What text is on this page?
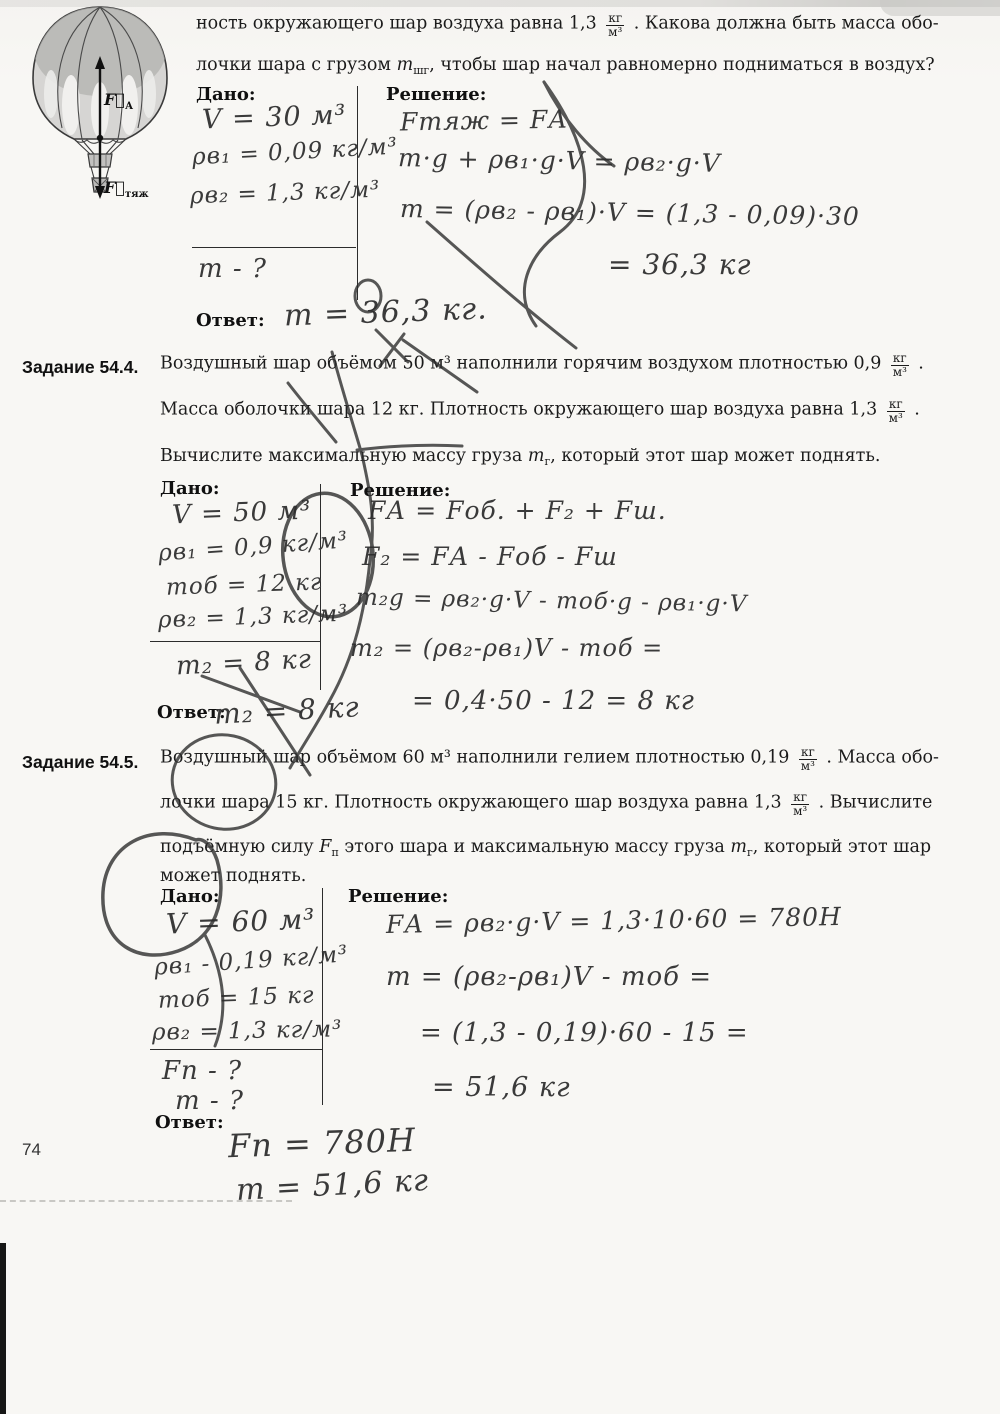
$F⃗_А$
$F⃗_{тяж}$
ность окружающего шар воздуха равна $1,3 \frac{кг}{\text{м³}}$ . Какова должна быть масса обо-
лочки шара с грузом $m_{шг}$, чтобы шар начал равномерно подниматься в воздух?
Дано:	Решение:
V = 30 м³
ρв₁ = 0,09 кг/м³
ρв₂ = 1,3 кг/м³
m - ?
Fтяж = FА
m·g + ρв₁·g·V = ρв₂·g·V
m = (ρв₂ - ρв₁)·V = (1,3 - 0,09)·30
= 36,3 кг
Ответ: m = 36,3 кг.
Задание 54.4. Воздушный шар объёмом 50 м³ наполнили горячим воздухом плотностью $0,9 \frac{кг}{\text{м³}}$ .
Масса оболочки шара 12 кг. Плотность окружающего шар воздуха равна $1,3 \frac{кг}{\text{м³}}$ .
Вычислите максимальную массу груза $m_г$, который этот шар может поднять.
Дано:	Решение:
V = 50 м³
ρв₁ = 0,9 кг/м³
mоб = 12 кг
ρв₂ = 1,3 кг/м³
m₂ = 8 кг
FА = Fоб. + F₂ + Fш.
F₂ = FА - Fоб - Fш
m₂g = ρв₂·g·V - mоб·g - ρв₁·g·V
m₂ = (ρв₂-ρв₁)V - mоб =
= 0,4·50 - 12 = 8 кг
Ответ:
m₂ = 8 кг
Задание 54.5. Воздушный шар объёмом 60 м³ наполнили гелием плотностью $0,19 \frac{кг}{\text{м³}}$ . Масса обо-
лочки шара 15 кг. Плотность окружающего шар воздуха равна $1,3 \frac{кг}{\text{м³}}$ . Вычислите
подъёмную силу $F_п$ этого шара и максимальную массу груза $m_г$, который этот шар
может поднять.
Дано:	Решение:
V = 60 м³
ρв₁ - 0,19 кг/м³
mоб = 15 кг
ρв₂ = 1,3 кг/м³
Fп - ?
m - ?
FА = ρв₂·g·V = 1,3·10·60 = 780Н
m = (ρв₂-ρв₁)V - mоб =
= (1,3 - 0,19)·60 - 15 =
= 51,6 кг
Ответ: Fп = 780Н
m = 51,6 кг
74
